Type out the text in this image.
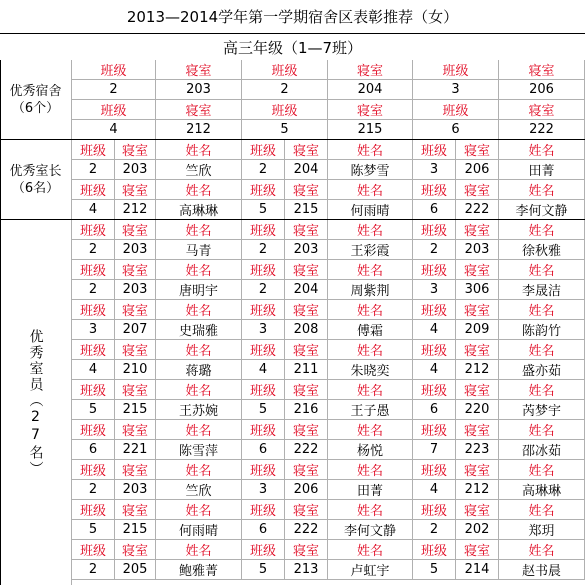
2013—2014学年第一学期宿舍区表彰推荐（女）
高三年级（1—7班）
班级	寝室	班级	寝室	班级	寝室
2	203	2	204	3	206
班级	寝室	班级	寝室	班级	寝室
4	212	5	215	6	222
优秀宿舍
（6个）
班级	寝室	姓名	班级	寝室	姓名	班级	寝室	姓名
2	203	竺欣	2	204	陈梦雪	3	206	田菁
班级	寝室	姓名	班级	寝室	姓名	班级	寝室	姓名
4	212	高琳琳	5	215	何雨晴	6	222	李何文静
优秀室长
（6名）
班级	寝室	姓名	班级	寝室	姓名	班级	寝室	姓名
2	203	马青	2	203	王彩霞	2	203	徐秋雅
班级	寝室	姓名	班级	寝室	姓名	班级	寝室	姓名
2	203	唐明宇	2	204	周紫荆	3	306	李晟洁
班级	寝室	姓名	班级	寝室	姓名	班级	寝室	姓名
3	207	史瑞雅	3	208	傅霜	4	209	陈韵竹
班级	寝室	姓名	班级	寝室	姓名	班级	寝室	姓名
4	210	蒋璐	4	211	朱晓奕	4	212	盛亦茹
班级	寝室	姓名	班级	寝室	姓名	班级	寝室	姓名
5	215	王苏婉	5	216	王子愚	6	220	芮梦宇
班级	寝室	姓名	班级	寝室	姓名	班级	寝室	姓名
6	221	陈雪萍	6	222	杨悦	7	223	邵冰茹
班级	寝室	姓名	班级	寝室	姓名	班级	寝室	姓名
2	203	竺欣	3	206	田菁	4	212	高琳琳
班级	寝室	姓名	班级	寝室	姓名	班级	寝室	姓名
5	215	何雨晴	6	222	李何文静	2	202	郑玥
班级	寝室	姓名	班级	寝室	姓名	班级	寝室	姓名
2	205	鲍雅菁	5	213	卢虹宇	5	214	赵书晨
优秀室员（27名）
